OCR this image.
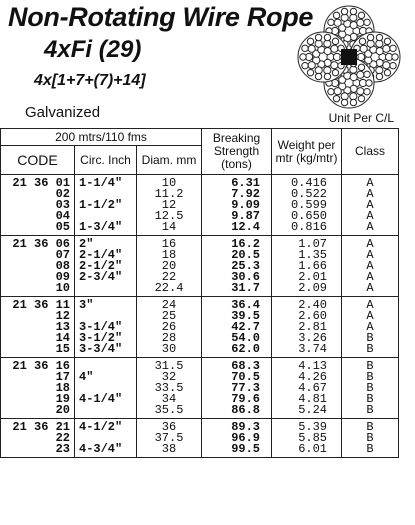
Non-Rotating Wire Rope
4xFi (29)
4x[1+7+(7)+14]
Galvanized	Unit Per C/L
200 mtrs/110 fms			Breaking Strength (tons)	Weight per mtr (kg/mtr)	Class
CODE	Circ. Inch	Diam. mm			
21 36 01	1-1/4"	10	6.31	0.416	A
02		11.2	7.92	0.522	A
03	1-1/2"	12	9.09	0.599	A
04		12.5	9.87	0.650	A
05	1-3/4"	14	12.4	0.816	A
21 36 06	2"	16	16.2	1.07	A
07	2-1/4"	18	20.5	1.35	A
08	2-1/2"	20	25.3	1.66	A
09	2-3/4"	22	30.6	2.01	A
10		22.4	31.7	2.09	A
21 36 11	3"	24	36.4	2.40	A
12		25	39.5	2.60	A
13	3-1/4"	26	42.7	2.81	A
14	3-1/2"	28	54.0	3.26	B
15	3-3/4"	30	62.0	3.74	B
21 36 16		31.5	68.3	4.13	B
17	4"	32	70.5	4.26	B
18		33.5	77.3	4.67	B
19	4-1/4"	34	79.6	4.81	B
20		35.5	86.8	5.24	B
21 36 21	4-1/2"	36	89.3	5.39	B
22		37.5	96.9	5.85	B
23	4-3/4"	38	99.5	6.01	B
